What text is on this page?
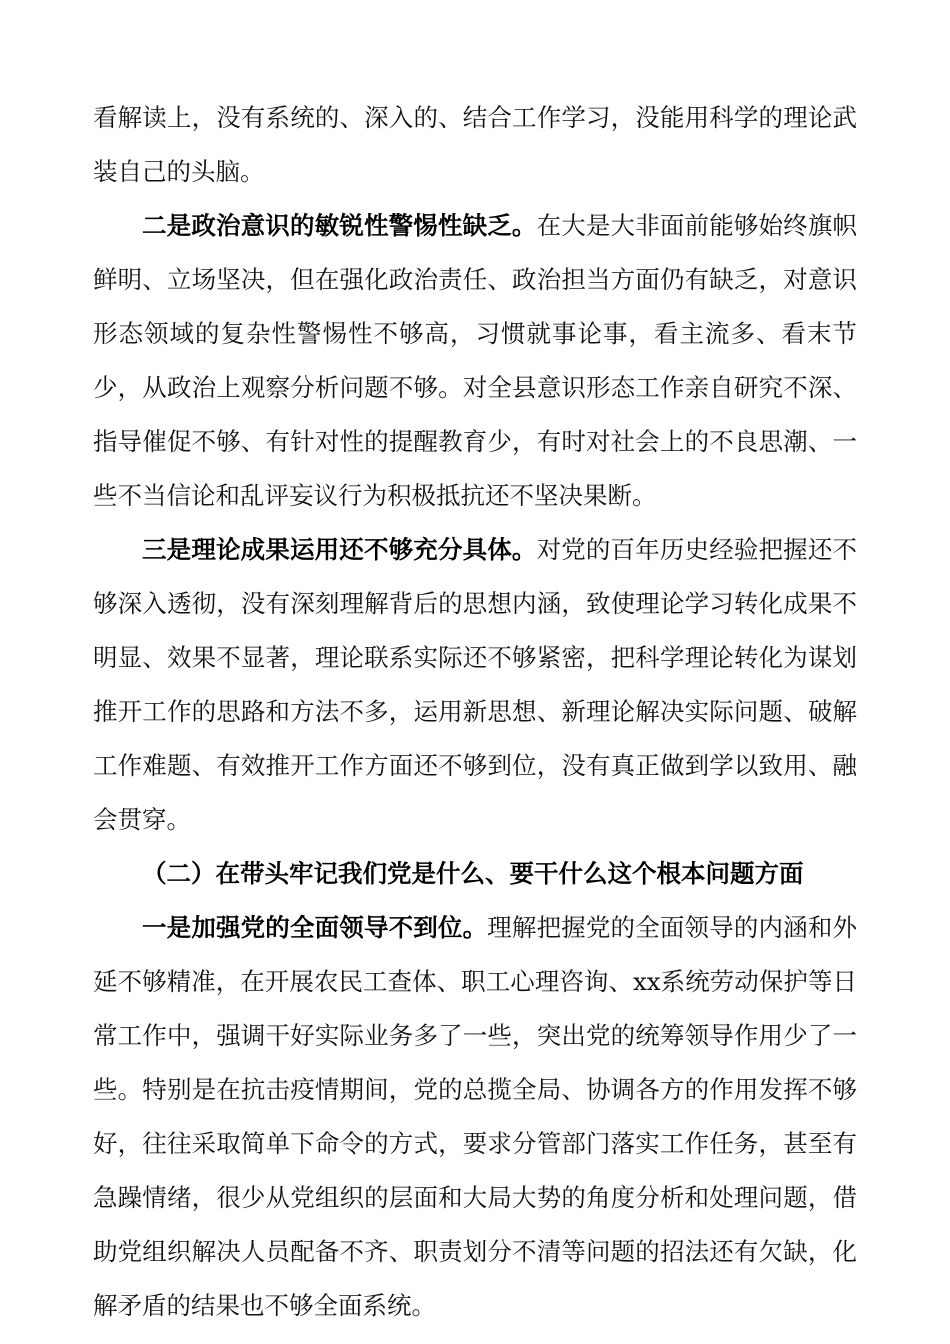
看解读上，没有系统的、深入的、结合工作学习，没能用科学的理论武装自己的头脑。

二是政治意识的敏锐性警惕性缺乏。在大是大非面前能够始终旗帜鲜明、立场坚决，但在强化政治责任、政治担当方面仍有缺乏，对意识形态领域的复杂性警惕性不够高，习惯就事论事，看主流多、看末节少，从政治上观察分析问题不够。对全县意识形态工作亲自研究不深、指导催促不够、有针对性的提醒教育少，有时对社会上的不良思潮、一些不当信论和乱评妄议行为积极抵抗还不坚决果断。

三是理论成果运用还不够充分具体。对党的百年历史经验把握还不够深入透彻，没有深刻理解背后的思想内涵，致使理论学习转化成果不明显、效果不显著，理论联系实际还不够紧密，把科学理论转化为谋划推开工作的思路和方法不多，运用新思想、新理论解决实际问题、破解工作难题、有效推开工作方面还不够到位，没有真正做到学以致用、融会贯穿。

（二）在带头牢记我们党是什么、要干什么这个根本问题方面

一是加强党的全面领导不到位。理解把握党的全面领导的内涵和外延不够精准，在开展农民工查体、职工心理咨询、xx系统劳动保护等日常工作中，强调干好实际业务多了一些，突出党的统筹领导作用少了一些。特别是在抗击疫情期间，党的总揽全局、协调各方的作用发挥不够好，往往采取简单下命令的方式，要求分管部门落实工作任务，甚至有急躁情绪，很少从党组织的层面和大局大势的角度分析和处理问题，借助党组织解决人员配备不齐、职责划分不清等问题的招法还有欠缺，化解矛盾的结果也不够全面系统。
